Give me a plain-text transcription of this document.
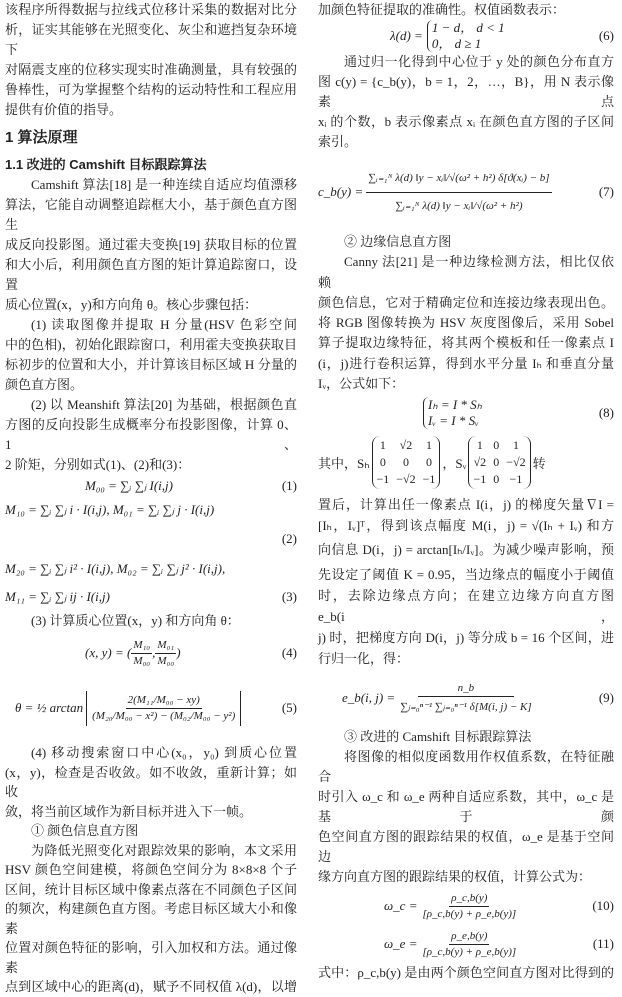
该程序所得数据与拉线式位移计采集的数据对比分
析，证实其能够在光照变化、灰尘和遮挡复杂环境下
对隔震支座的位移实现实时准确测量，具有较强的
鲁棒性，可为掌握整个结构的运动特性和工程应用
提供有价值的指导。
1 算法原理
1.1 改进的 Camshift 目标跟踪算法
Camshift 算法[18] 是一种连续自适应均值漂移
算法，它能自动调整追踪框大小，基于颜色直方图生
成反向投影图。通过霍夫变换[19] 获取目标的位置
和大小后，利用颜色直方图的矩计算追踪窗口，设置
质心位置(x，y)和方向角 θ。核心步骤包括：
(1) 读取图像并提取 H 分量(HSV 色彩空间
中的色相)，初始化跟踪窗口，利用霍夫变换获取目
标初步的位置和大小，并计算该目标区域 H 分量的
颜色直方图。
(2) 以 Meanshift 算法[20] 为基础，根据颜色直
方图的反向投影生成概率分布投影图像，计算 0、1、
2 阶矩，分别如式(1)、(2)和(3)：
M₀₀ = ∑ᵢ ∑ⱼ I(i,j)	(1)
M₁₀ = ∑ᵢ ∑ⱼ i · I(i,j), M₀₁ = ∑ᵢ ∑ⱼ j · I(i,j)
(2)
M₂₀ = ∑ᵢ ∑ⱼ i² · I(i,j), M₀₂ = ∑ᵢ ∑ⱼ j² · I(i,j),
M₁₁ = ∑ᵢ ∑ⱼ ij · I(i,j)	(3)
(3) 计算质心位置(x，y) 和方向角 θ：
(x, y) = ( $\frac{\text{M₁₀}}{\text{M₀₀}}$ , $\frac{\text{M₀₁}}{\text{M₀₀}}$ )	(4)
θ = ½ $\arctan \frac{\text{2(M₁₁/M₀₀ − xy)}}{\text{(M₂₀/M₀₀ − x²) − (M₀₂/M₀₀ − y²)}}$	(5)
(4) 移动搜索窗口中心(x₀，y₀) 到质心位置
(x，y)，检查是否收敛。如不收敛，重新计算；如收
敛，将当前区域作为新目标并进入下一帧。
① 颜色信息直方图
为降低光照变化对跟踪效果的影响，本文采用
HSV 颜色空间建模，将颜色空间分为 8×8×8 个子
区间，统计目标区域中像素点落在不同颜色子区间
的频次，构建颜色直方图。考虑目标区域大小和像素
位置对颜色特征的影响，引入加权和方法。通过像素
点到区域中心的距离(d)，赋予不同权值 λ(d)，以增
加颜色特征提取的准确性。权值函数表示：
λ(d) =
1 − d， d < 1
0， d ≥ 1
(6)
通过归一化得到中心位于 y 处的颜色分布直方
图 c(y) = {c_b(y)，b = 1，2，…，B}，用 N 表示像素点
xᵢ 的个数，b 表示像素点 xᵢ 在颜色直方图的子区间
索引。
c_b(y) = $\frac{\text{∑ᵢ₌₁ᴺ λ(d) ‖y − xᵢ‖/√(ω² + h²) δ[ϑ(xᵢ) − b]}}{\text{∑ᵢ₌₁ᴺ λ(d) ‖y − xᵢ‖/√(ω² + h²)}}$	(7)
② 边缘信息直方图
Canny 法[21] 是一种边缘检测方法，相比仅依赖
颜色信息，它对于精确定位和连接边缘表现出色。
将 RGB 图像转换为 HSV 灰度图像后，采用 Sobel
算子提取边缘特征，将其两个模板和任一像素点 I
(i，j)进行卷积运算，得到水平分量 Iₕ 和垂直分量
Iᵥ，公式如下：
Iₕ = I * Sₕ
Iᵥ = I * Sᵥ
(8)
其中，Sₕ
1 √2 1
0	0	0
−1 −√2 −1
，Sᵥ
1 0	1
√2 0 −√2
−1 0 −1
转
置后，计算出任一像素点 I(i，j) 的梯度矢量∇I =
[Iₕ，Iᵥ]ᵀ，得到该点幅度 M(i，j) = √(Iₕ + Iᵥ) 和方
向信息 D(i，j) = arctan[Iₕ/Iᵥ]。为减少噪声影响，预
先设定了阈值 K = 0.95，当边缘点的幅度小于阈值
时，去除边缘点方向；在建立边缘方向直方图 e_b(i，
j) 时，把梯度方向 D(i，j) 等分成 b = 16 个区间，进
行归一化，得：
e_b(i, $j) = \frac{n\_b}{\text{∑ⱼ₌₀ⁿ⁻¹ ∑ⱼ₌₀ⁿ⁻¹ δ[M(i, j) − K]}}$	(9)
③ 改进的 Camshift 目标跟踪算法
将图像的相似度函数用作权值系数，在特征融合
时引入 ω_c 和 ω_e 两种自适应系数，其中，ω_c 是基于颜
色空间直方图的跟踪结果的权值，ω_e 是基于空间边
缘方向直方图的跟踪结果的权值，计算公式为：
ω_c = $\frac{\rho\_c,b(y)}{[\rho\_c,b(y) + \rho\_e,b(y)]}$	(10)
ω_e = $\frac{\rho\_e,b(y)}{[\rho\_c,b(y) + \rho\_e,b(y)]}$	(11)
式中：ρ_c,b(y) 是由两个颜色空间直方图对比得到的
